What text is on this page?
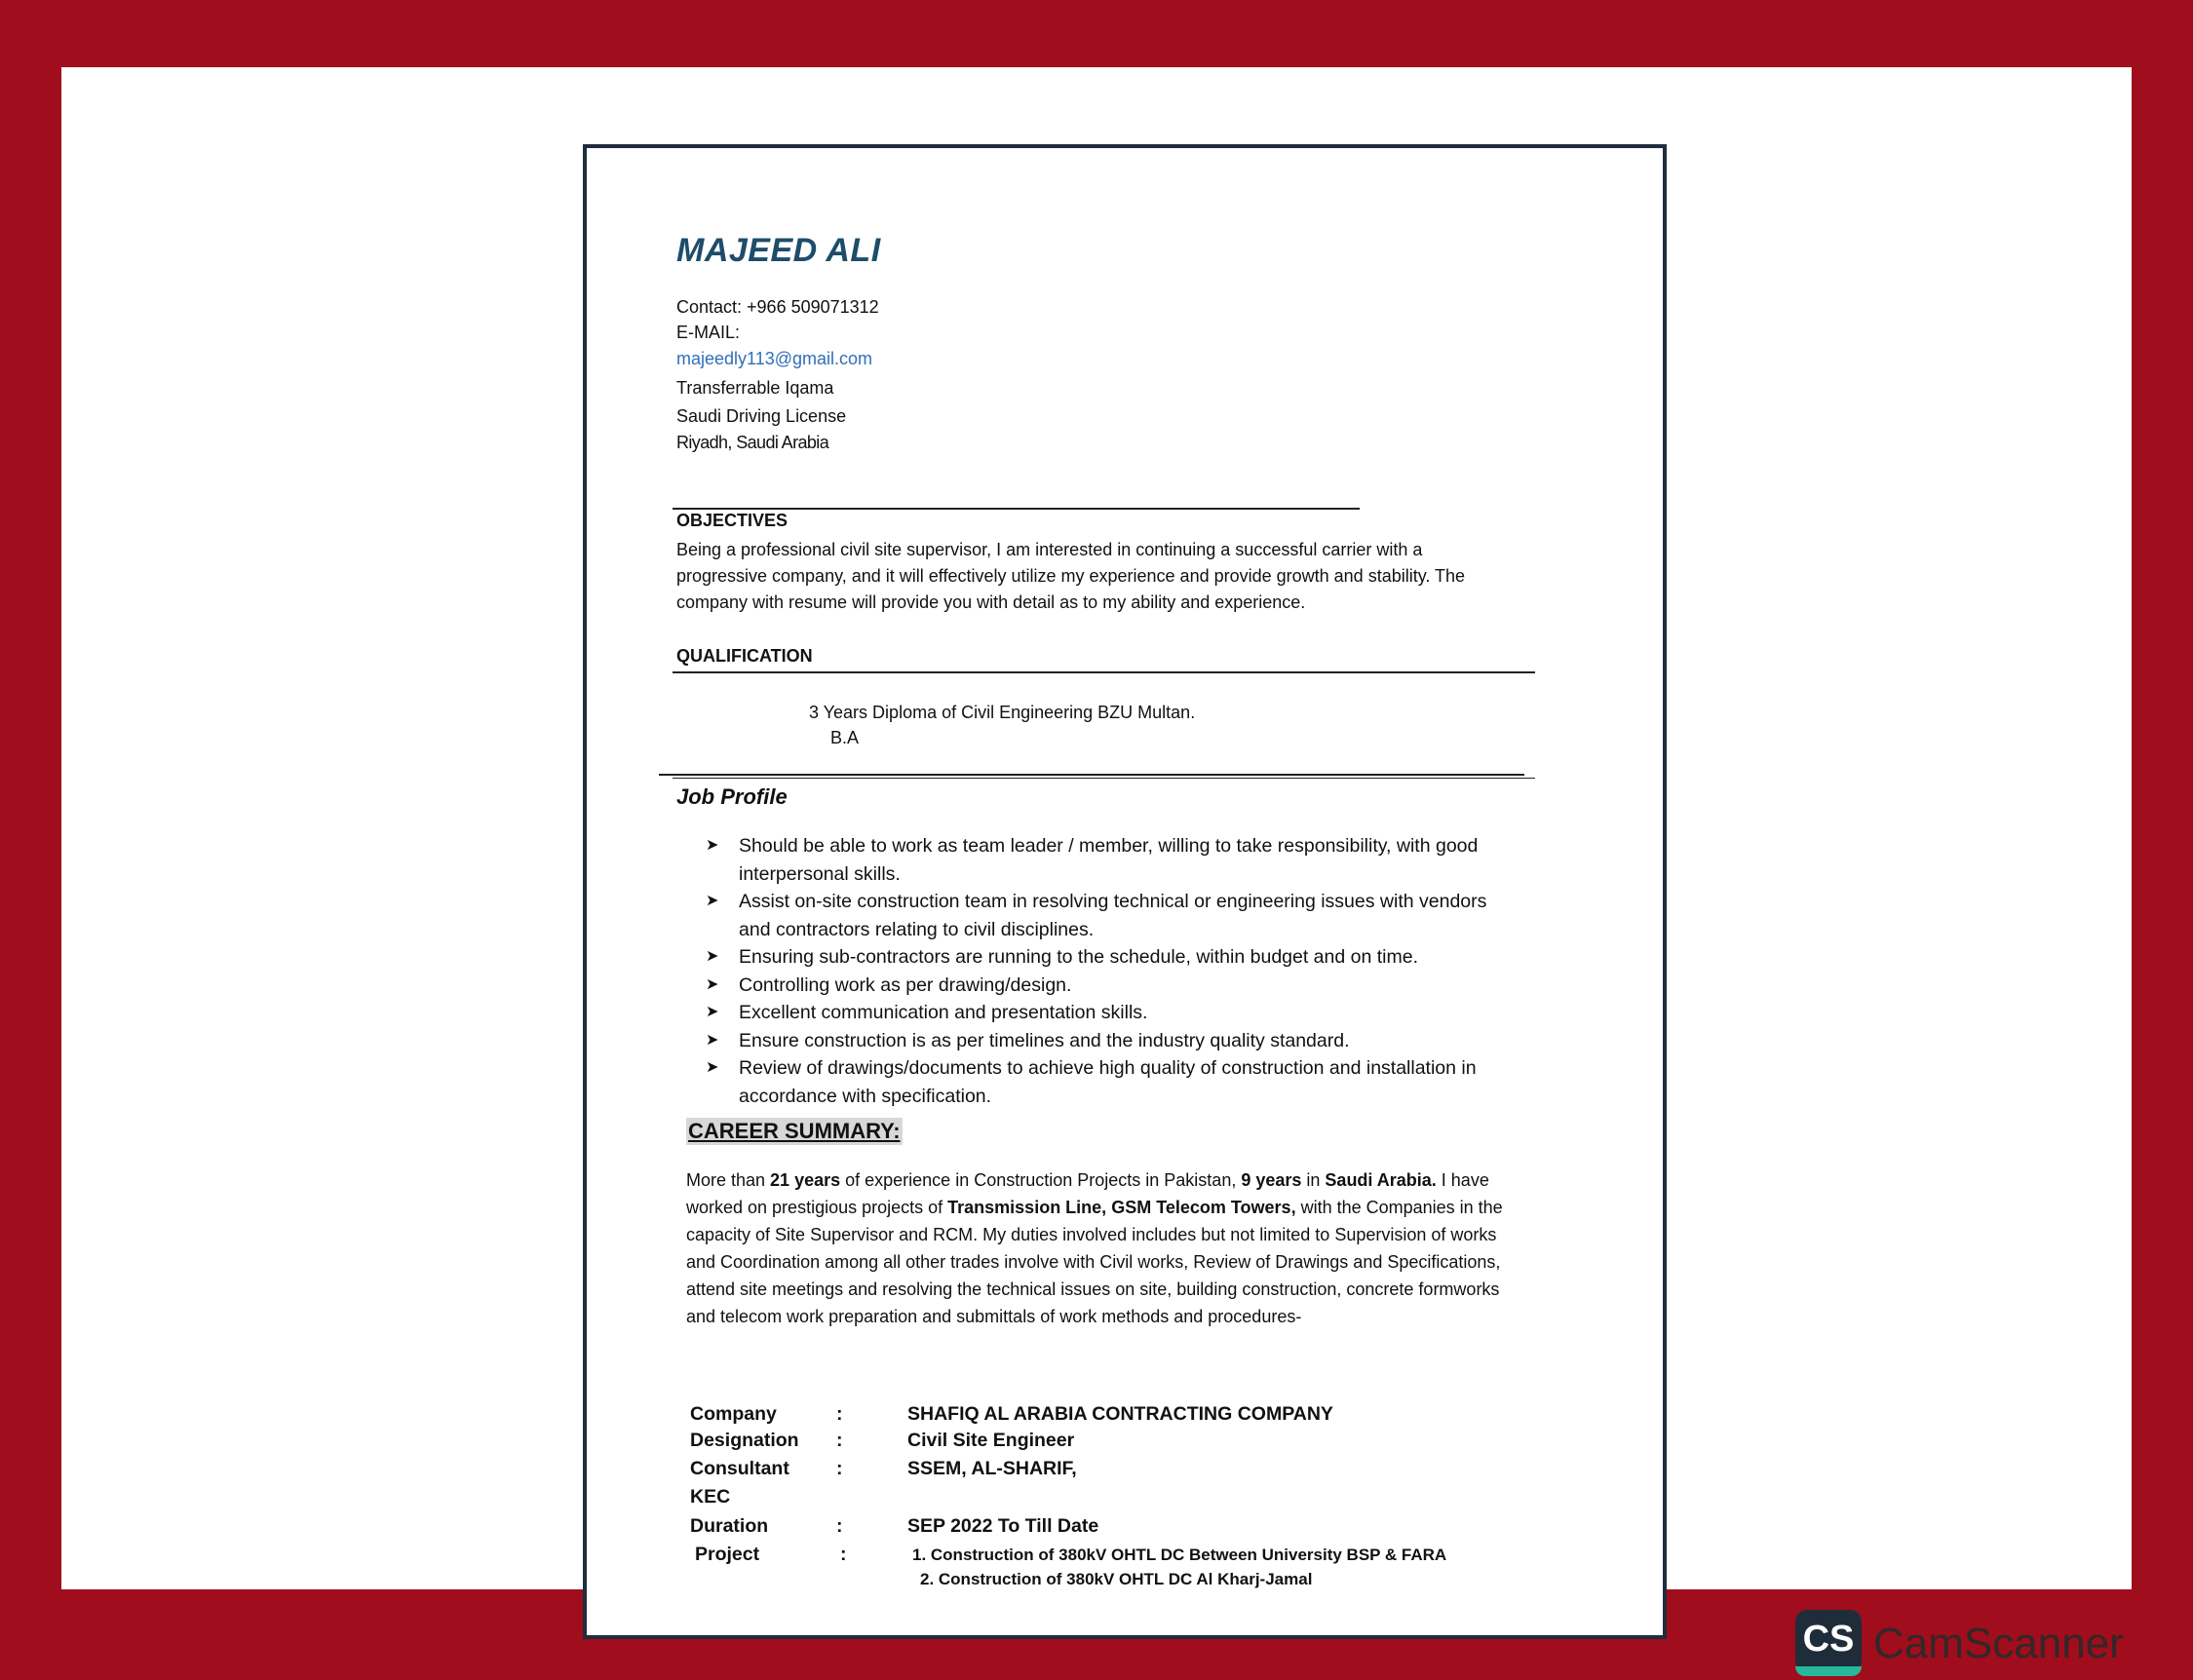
MAJEED ALI
Contact: +966 509071312
E-MAIL:
majeedly113@gmail.com
Transferrable Iqama
Saudi Driving License
Riyadh, Saudi Arabia
OBJECTIVES
Being a professional civil site supervisor, I am interested in continuing a successful carrier with a
progressive company, and it will effectively utilize my experience and provide growth and stability. The
company with resume will provide you with detail as to my ability and experience.
QUALIFICATION
3 Years Diploma of Civil Engineering BZU Multan.
B.A
Job Profile
➤ Should be able to work as team leader / member, willing to take responsibility, with good interpersonal skills.
➤ Assist on-site construction team in resolving technical or engineering issues with vendors and contractors relating to civil disciplines.
➤ Ensuring sub-contractors are running to the schedule, within budget and on time.
➤ Controlling work as per drawing/design.
➤ Excellent communication and presentation skills.
➤ Ensure construction is as per timelines and the industry quality standard.
➤ Review of drawings/documents to achieve high quality of construction and installation in accordance with specification.
CAREER SUMMARY:
More than 21 years of experience in Construction Projects in Pakistan, 9 years in Saudi Arabia. I have worked on prestigious projects of Transmission Line, GSM Telecom Towers, with the Companies in the capacity of Site Supervisor and RCM. My duties involved includes but not limited to Supervision of works and Coordination among all other trades involve with Civil works, Review of Drawings and Specifications, attend site meetings and resolving the technical issues on site, building construction, concrete formworks and telecom work preparation and submittals of work methods and procedures-
Company	:	SHAFIQ AL ARABIA CONTRACTING COMPANY
Designation :	Civil Site Engineer
Consultant :	SSEM, AL-SHARIF,
KEC
Duration	:	SEP 2022 To Till Date
Project	:	1. Construction of 380kV OHTL DC Between University BSP & FARA
2. Construction of 380kV OHTL DC Al Kharj-Jamal
CS CamScanner
